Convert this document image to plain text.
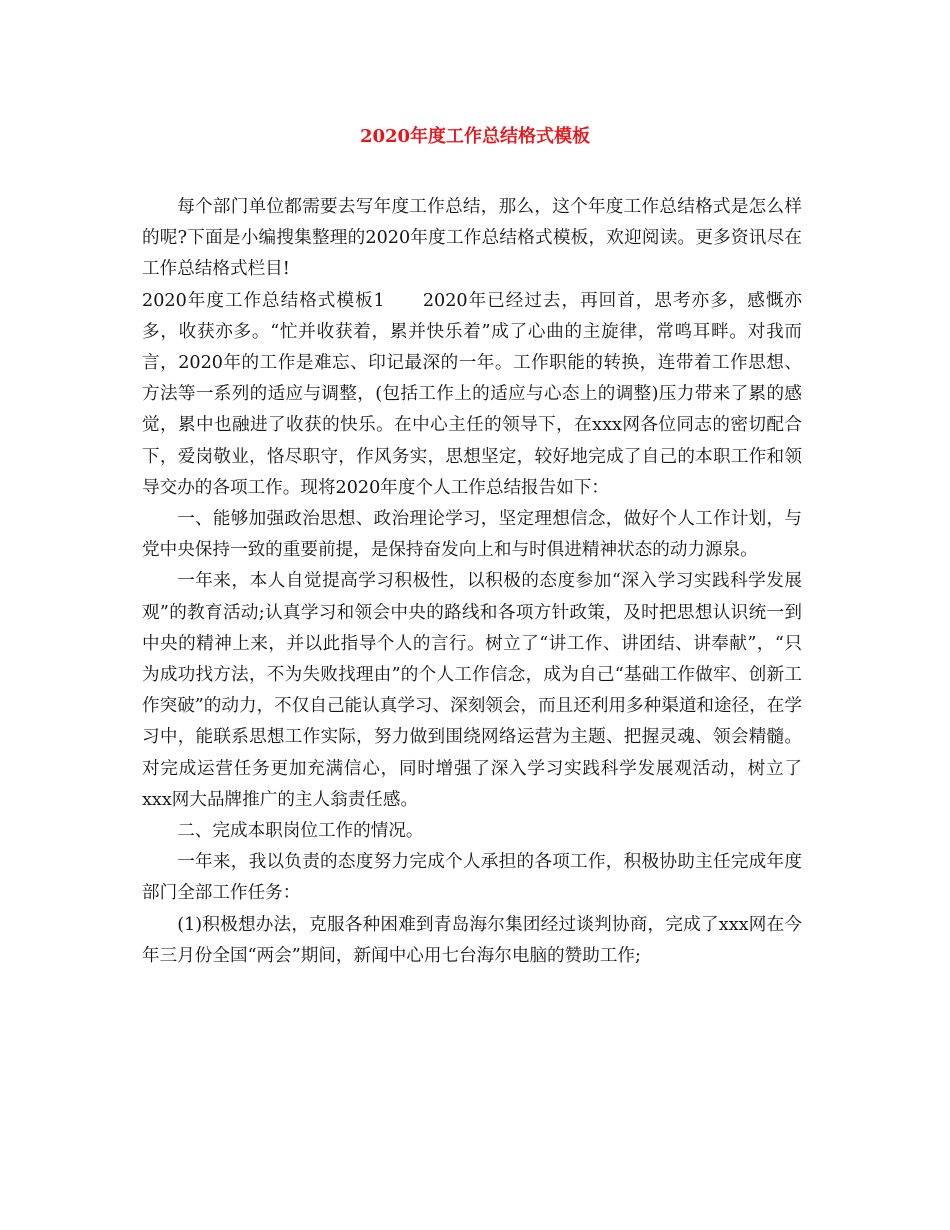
2020年度工作总结格式模板

每个部门单位都需要去写年度工作总结，那么，这个年度工作总结格式是怎么样的呢?下面是小编搜集整理的2020年度工作总结格式模板，欢迎阅读。更多资讯尽在工作总结格式栏目!

2020年度工作总结格式模板1　　2020年已经过去，再回首，思考亦多，感慨亦多，收获亦多。“忙并收获着，累并快乐着”成了心曲的主旋律，常鸣耳畔。对我而言，2020年的工作是难忘、印记最深的一年。工作职能的转换，连带着工作思想、方法等一系列的适应与调整，(包括工作上的适应与心态上的调整)压力带来了累的感觉，累中也融进了收获的快乐。在中心主任的领导下，在xxx网各位同志的密切配合下，爱岗敬业，恪尽职守，作风务实，思想坚定，较好地完成了自己的本职工作和领导交办的各项工作。现将2020年度个人工作总结报告如下：

一、能够加强政治思想、政治理论学习，坚定理想信念，做好个人工作计划，与党中央保持一致的重要前提，是保持奋发向上和与时俱进精神状态的动力源泉。

一年来，本人自觉提高学习积极性，以积极的态度参加“深入学习实践科学发展观”的教育活动;认真学习和领会中央的路线和各项方针政策，及时把思想认识统一到中央的精神上来，并以此指导个人的言行。树立了“讲工作、讲团结、讲奉献”，“只为成功找方法，不为失败找理由”的个人工作信念，成为自己“基础工作做牢、创新工作突破”的动力，不仅自己能认真学习、深刻领会，而且还利用多种渠道和途径，在学习中，能联系思想工作实际，努力做到围绕网络运营为主题、把握灵魂、领会精髓。对完成运营任务更加充满信心，同时增强了深入学习实践科学发展观活动，树立了xxx网大品牌推广的主人翁责任感。

二、完成本职岗位工作的情况。

一年来，我以负责的态度努力完成个人承担的各项工作，积极协助主任完成年度部门全部工作任务：

(1)积极想办法，克服各种困难到青岛海尔集团经过谈判协商，完成了xxx网在今年三月份全国“两会”期间，新闻中心用七台海尔电脑的赞助工作;
